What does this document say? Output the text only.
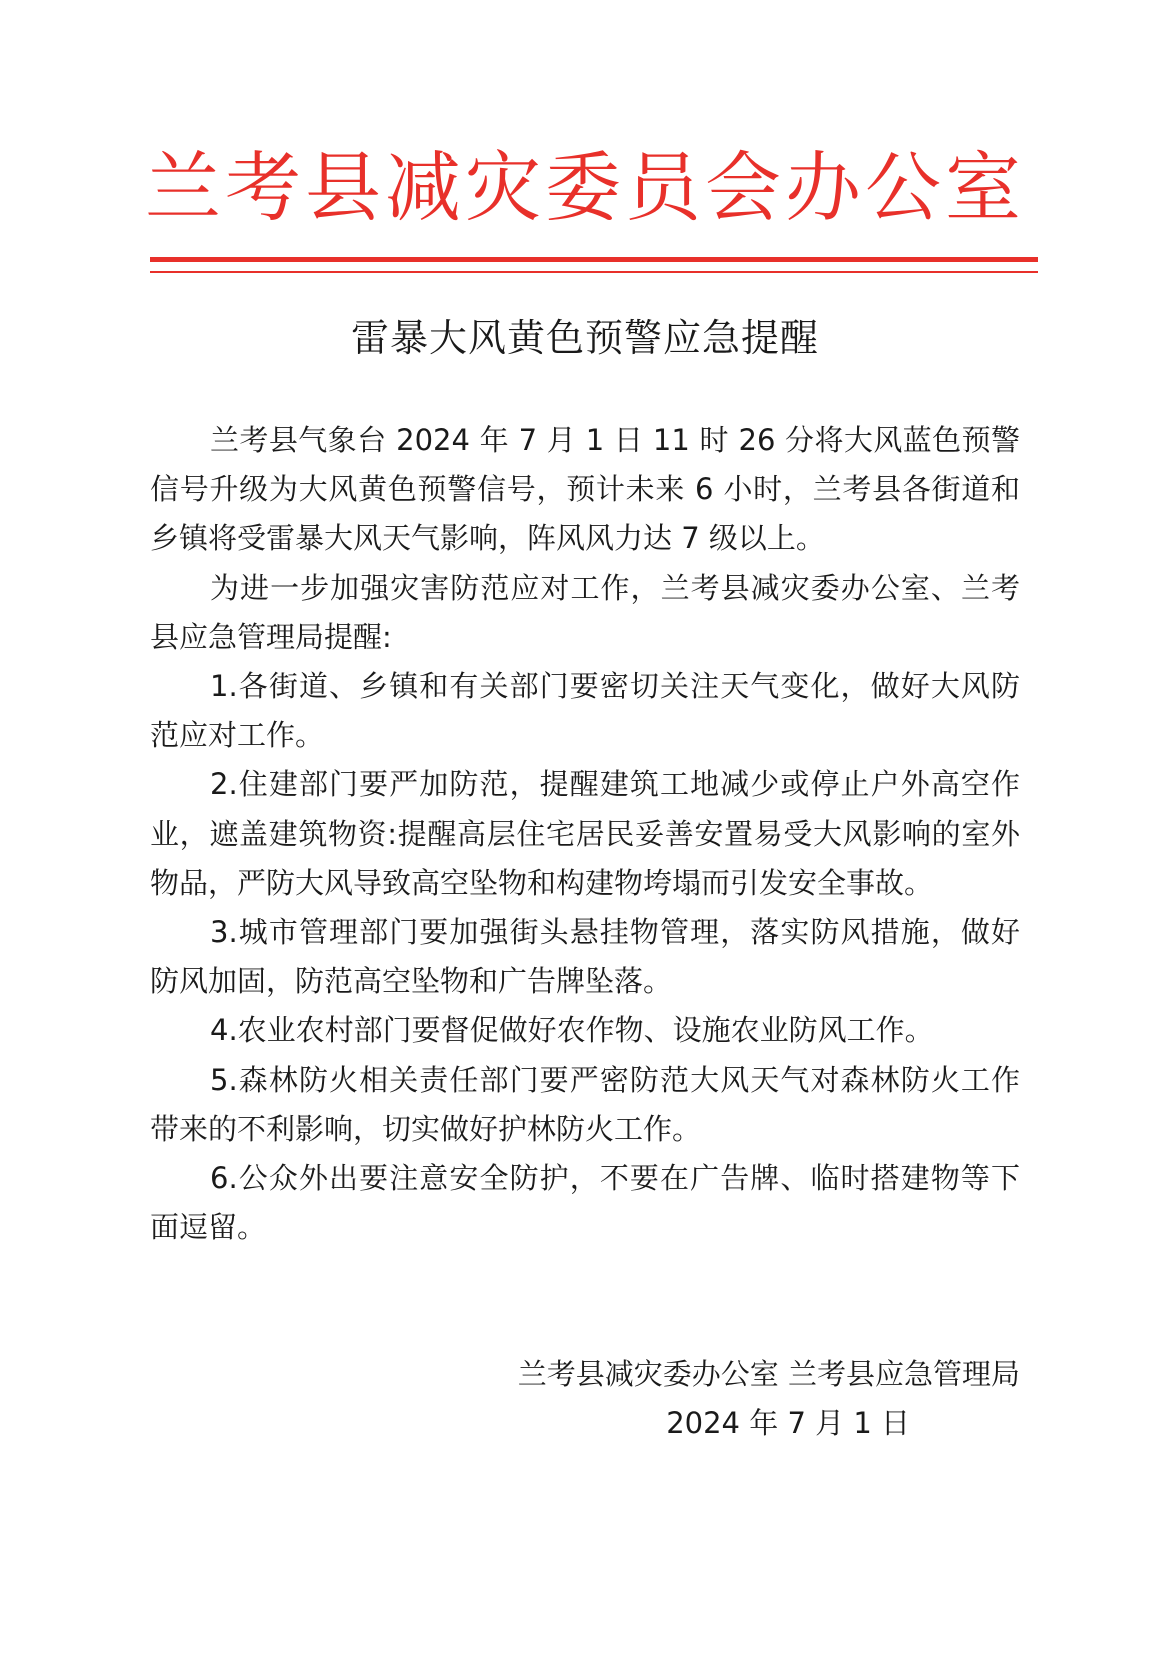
兰考县减灾委员会办公室
雷暴大风黄色预警应急提醒

兰考县气象台 2024 年 7 月 1 日 11 时 26 分将大风蓝色预警信号升级为大风黄色预警信号，预计未来 6 小时，兰考县各街道和乡镇将受雷暴大风天气影响，阵风风力达 7 级以上。

为进一步加强灾害防范应对工作，兰考县减灾委办公室、兰考县应急管理局提醒:

1.各街道、乡镇和有关部门要密切关注天气变化，做好大风防范应对工作。

2.住建部门要严加防范，提醒建筑工地减少或停止户外高空作业，遮盖建筑物资:提醒高层住宅居民妥善安置易受大风影响的室外物品，严防大风导致高空坠物和构建物垮塌而引发安全事故。

3.城市管理部门要加强街头悬挂物管理，落实防风措施，做好防风加固，防范高空坠物和广告牌坠落。

4.农业农村部门要督促做好农作物、设施农业防风工作。

5.森林防火相关责任部门要严密防范大风天气对森林防火工作带来的不利影响，切实做好护林防火工作。

6.公众外出要注意安全防护，不要在广告牌、临时搭建物等下面逗留。

兰考县减灾委办公室 兰考县应急管理局
2024 年 7 月 1 日
